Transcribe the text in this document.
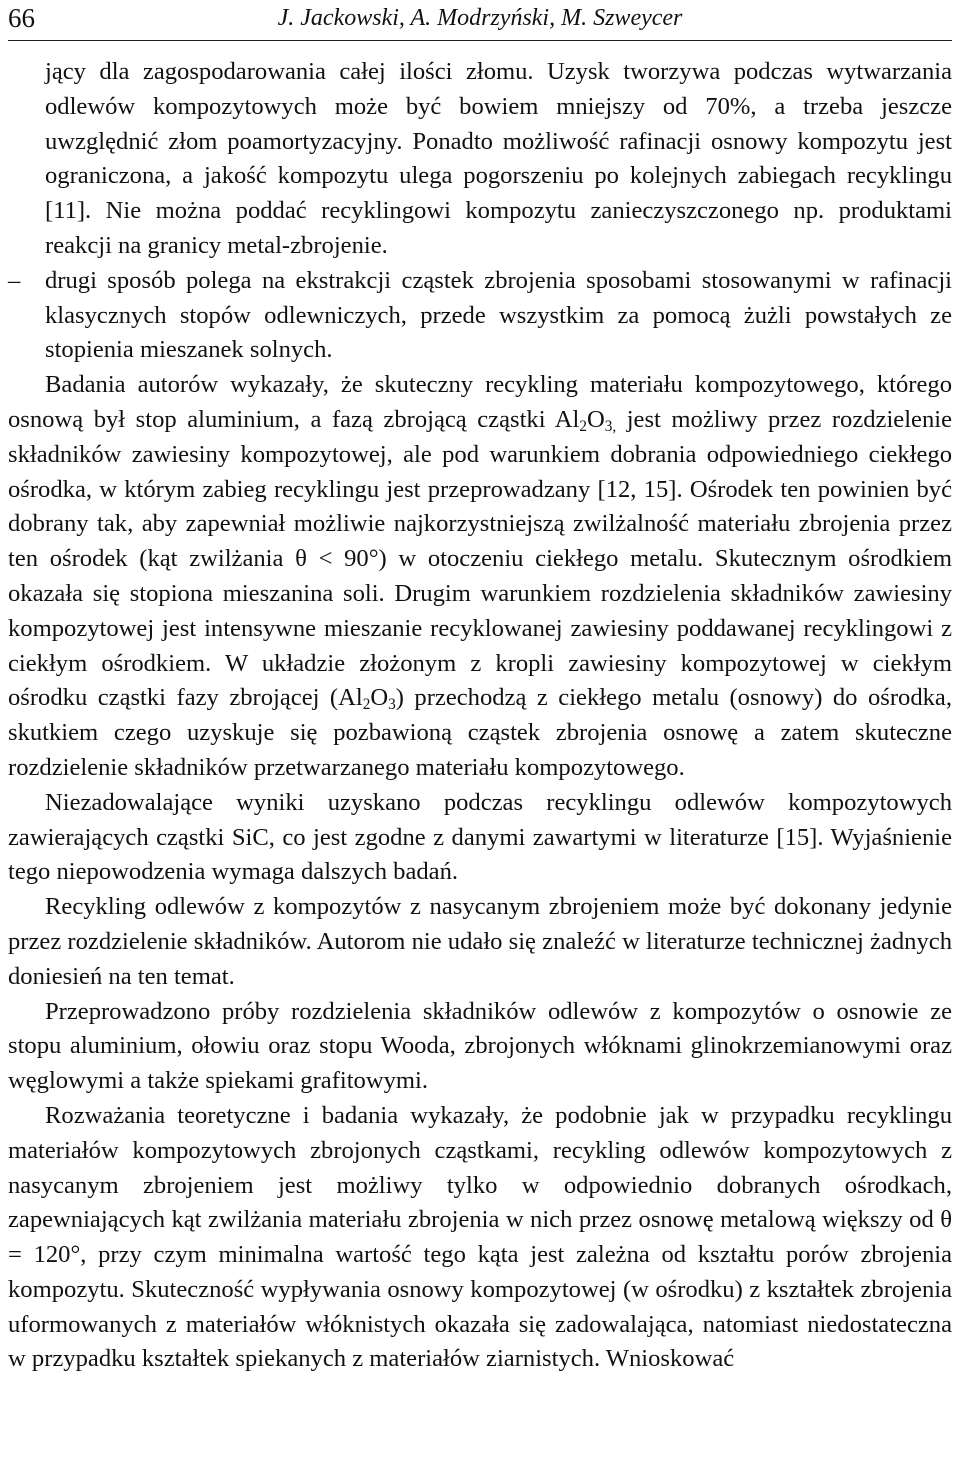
66	J. Jackowski, A. Modrzyński, M. Szweycer

jący dla zagospodarowania całej ilości złomu. Uzysk tworzywa podczas wytwarzania odlewów kompozytowych może być bowiem mniejszy od 70%, a trzeba jeszcze uwzględnić złom poamortyzacyjny. Ponadto możliwość rafinacji osnowy kompozytu jest ograniczona, a jakość kompozytu ulega pogorszeniu po kolejnych zabiegach recyklingu [11]. Nie można poddać recyklingowi kompozytu zanieczyszczonego np. produktami reakcji na granicy metal-zbrojenie.

–	drugi sposób polega na ekstrakcji cząstek zbrojenia sposobami stosowanymi w rafinacji klasycznych stopów odlewniczych, przede wszystkim za pomocą żużli powstałych ze stopienia mieszanek solnych.

Badania autorów wykazały, że skuteczny recykling materiału kompozytowego, którego osnową był stop aluminium, a fazą zbrojącą cząstki $Al_2O_{3,}$ jest możliwy przez rozdzielenie składników zawiesiny kompozytowej, ale pod warunkiem dobrania odpowiedniego ciekłego ośrodka, w którym zabieg recyklingu jest przeprowadzany [12, 15]. Ośrodek ten powinien być dobrany tak, aby zapewniał możliwie najkorzystniejszą zwilżalność materiału zbrojenia przez ten ośrodek (kąt zwilżania θ < 90°) w otoczeniu ciekłego metalu. Skutecznym ośrodkiem okazała się stopiona mieszanina soli. Drugim warunkiem rozdzielenia składników zawiesiny kompozytowej jest intensywne mieszanie recyklowanej zawiesiny poddawanej recyklingowi z ciekłym ośrodkiem. W układzie złożonym z kropli zawiesiny kompozytowej w ciekłym ośrodku cząstki fazy zbrojącej $(Al_2O_3)$ przechodzą z ciekłego metalu (osnowy) do ośrodka, skutkiem czego uzyskuje się pozbawioną cząstek zbrojenia osnowę a zatem skuteczne rozdzielenie składników przetwarzanego materiału kompozytowego.

Niezadowalające wyniki uzyskano podczas recyklingu odlewów kompozytowych zawierających cząstki SiC, co jest zgodne z danymi zawartymi w literaturze [15]. Wyjaśnienie tego niepowodzenia wymaga dalszych badań.

Recykling odlewów z kompozytów z nasycanym zbrojeniem może być dokonany jedynie przez rozdzielenie składników. Autorom nie udało się znaleźć w literaturze technicznej żadnych doniesień na ten temat.

Przeprowadzono próby rozdzielenia składników odlewów z kompozytów o osnowie ze stopu aluminium, ołowiu oraz stopu Wooda, zbrojonych włóknami glinokrzemianowymi oraz węglowymi a także spiekami grafitowymi.

Rozważania teoretyczne i badania wykazały, że podobnie jak w przypadku recyklingu materiałów kompozytowych zbrojonych cząstkami, recykling odlewów kompozytowych z nasycanym zbrojeniem jest możliwy tylko w odpowiednio dobranych ośrodkach, zapewniających kąt zwilżania materiału zbrojenia w nich przez osnowę metalową większy od θ = 120°, przy czym minimalna wartość tego kąta jest zależna od kształtu porów zbrojenia kompozytu. Skuteczność wypływania osnowy kompozytowej (w ośrodku) z kształtek zbrojenia uformowanych z materiałów włóknistych okazała się zadowalająca, natomiast niedostateczna w przypadku kształtek spiekanych z materiałów ziarnistych. Wnioskować
